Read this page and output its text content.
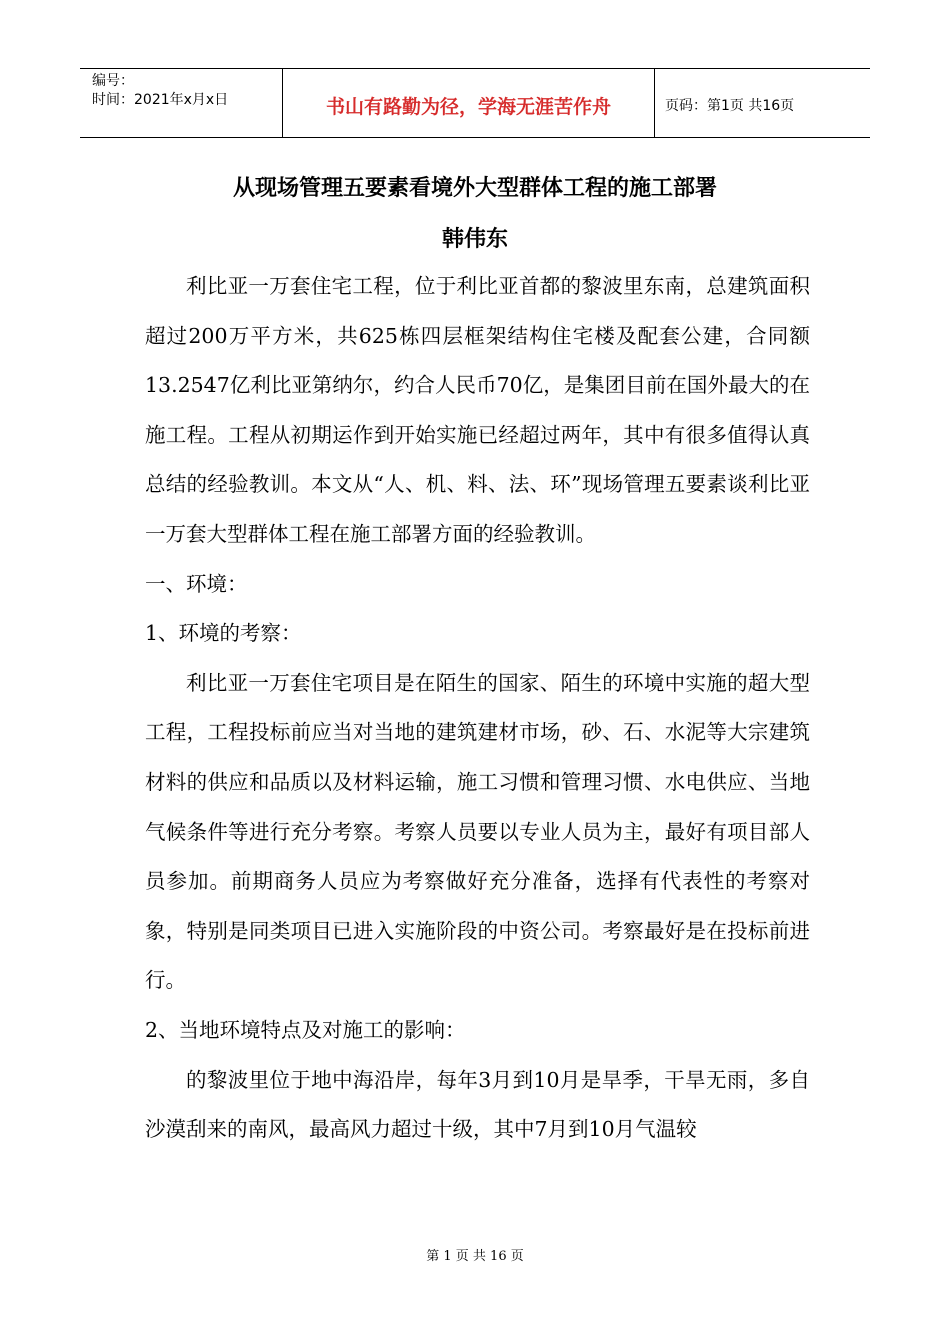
编号：
时间：2021年x月x日	书山有路勤为径，学海无涯苦作舟	页码：第1页 共16页
从现场管理五要素看境外大型群体工程的施工部署
韩伟东

利比亚一万套住宅工程，位于利比亚首都的黎波里东南，总建筑面积超过200万平方米，共625栋四层框架结构住宅楼及配套公建，合同额13.2547亿利比亚第纳尔，约合人民币70亿，是集团目前在国外最大的在施工程。工程从初期运作到开始实施已经超过两年，其中有很多值得认真总结的经验教训。本文从“人、机、料、法、环”现场管理五要素谈利比亚一万套大型群体工程在施工部署方面的经验教训。

一、环境：

1、环境的考察：

利比亚一万套住宅项目是在陌生的国家、陌生的环境中实施的超大型工程，工程投标前应当对当地的建筑建材市场，砂、石、水泥等大宗建筑材料的供应和品质以及材料运输，施工习惯和管理习惯、水电供应、当地气候条件等进行充分考察。考察人员要以专业人员为主，最好有项目部人员参加。前期商务人员应为考察做好充分准备，选择有代表性的考察对象，特别是同类项目已进入实施阶段的中资公司。考察最好是在投标前进行。

2、当地环境特点及对施工的影响：

的黎波里位于地中海沿岸，每年3月到10月是旱季，干旱无雨，多自沙漠刮来的南风，最高风力超过十级，其中7月到10月气温较

第 1 页 共 16 页
